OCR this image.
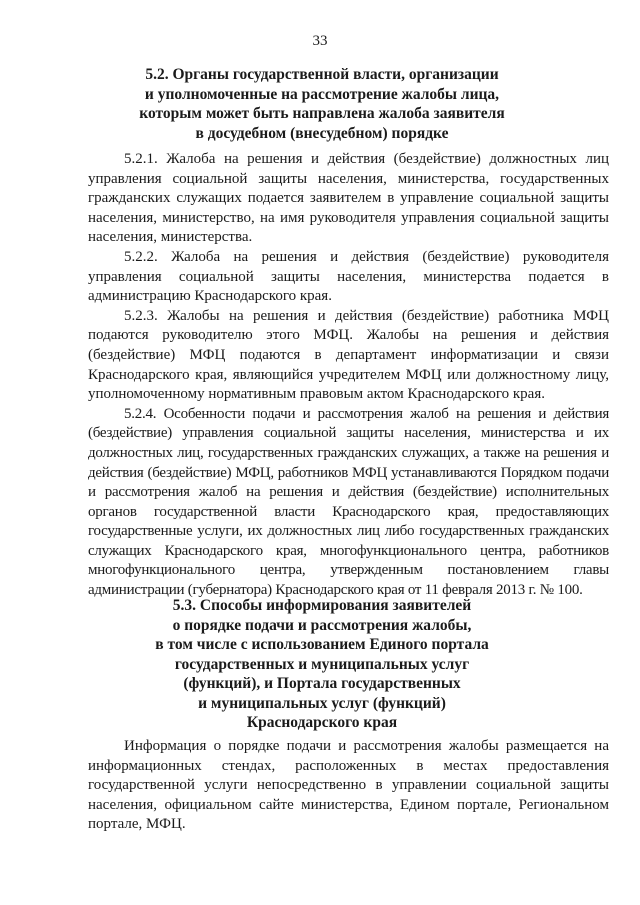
33
5.2. Органы государственной власти, организации
и уполномоченные на рассмотрение жалобы лица,
которым может быть направлена жалоба заявителя
в досудебном (внесудебном) порядке

5.2.1. Жалоба на решения и действия (бездействие) должностных лиц управления социальной защиты населения, министерства, государственных гражданских служащих подается заявителем в управление социальной защиты населения, министерство, на имя руководителя управления социальной защиты населения, министерства.

5.2.2. Жалоба на решения и действия (бездействие) руководителя управления социальной защиты населения, министерства подается в администрацию Краснодарского края.

5.2.3. Жалобы на решения и действия (бездействие) работника МФЦ подаются руководителю этого МФЦ. Жалобы на решения и действия (бездействие) МФЦ подаются в департамент информатизации и связи Краснодарского края, являющийся учредителем МФЦ или должностному лицу, уполномоченному нормативным правовым актом Краснодарского края.

5.2.4. Особенности подачи и рассмотрения жалоб на решения и действия (бездействие) управления социальной защиты населения, министерства и их должностных лиц, государственных гражданских служащих, а также на решения и действия (бездействие) МФЦ, работников МФЦ устанавливаются Порядком подачи и рассмотрения жалоб на решения и действия (бездействие) исполнительных органов государственной власти Краснодарского края, предоставляющих государственные услуги, их должностных лиц либо государственных гражданских служащих Краснодарского края, многофункционального центра, работников многофункционального центра, утвержденным постановлением главы администрации (губернатора) Краснодарского края от 11 февраля 2013 г. № 100.

5.3. Способы информирования заявителей
о порядке подачи и рассмотрения жалобы,
в том числе с использованием Единого портала
государственных и муниципальных услуг
(функций), и Портала государственных
и муниципальных услуг (функций)
Краснодарского края

Информация о порядке подачи и рассмотрения жалобы размещается на информационных стендах, расположенных в местах предоставления государственной услуги непосредственно в управлении социальной защиты населения, официальном сайте министерства, Едином портале, Региональном портале, МФЦ.
